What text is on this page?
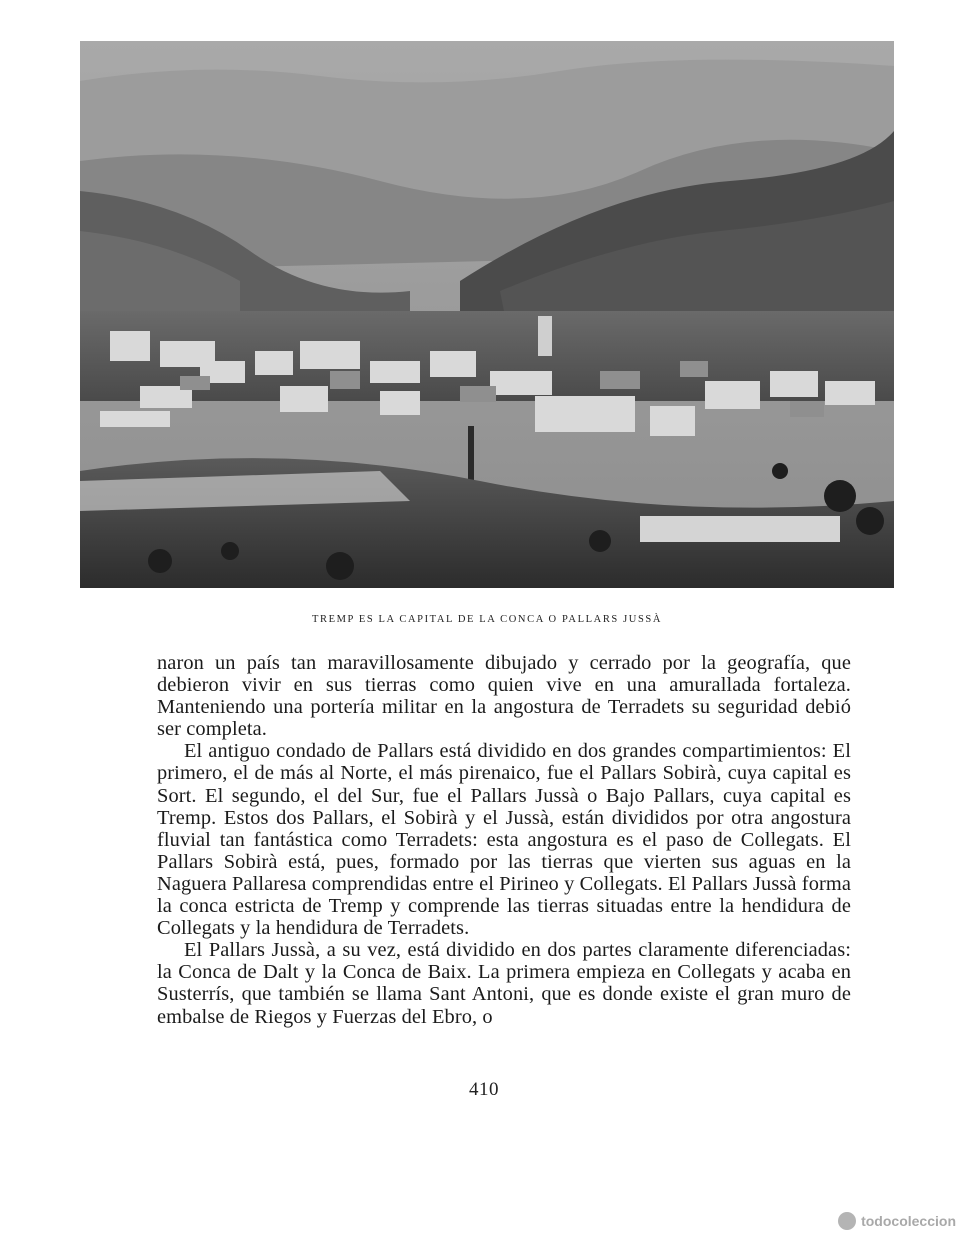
TREMP ES LA CAPITAL DE LA CONCA O PALLARS JUSSÀ

naron un país tan maravillosamente dibujado y cerrado por la geografía, que debieron vivir en sus tierras como quien vive en una amurallada fortaleza. Manteniendo una portería militar en la angostura de Terradets su seguridad debió ser completa.

El antiguo condado de Pallars está dividido en dos grandes compartimientos: El primero, el de más al Norte, el más pirenaico, fue el Pallars Sobirà, cuya capital es Sort. El segundo, el del Sur, fue el Pallars Jussà o Bajo Pallars, cuya capital es Tremp. Estos dos Pallars, el Sobirà y el Jussà, están divididos por otra angostura fluvial tan fantástica como Terradets: esta angostura es el paso de Collegats. El Pallars Sobirà está, pues, formado por las tierras que vierten sus aguas en la Naguera Pallaresa comprendidas entre el Pirineo y Collegats. El Pallars Jussà forma la conca estricta de Tremp y comprende las tierras situadas entre la hendidura de Collegats y la hendidura de Terradets.

El Pallars Jussà, a su vez, está dividido en dos partes claramente diferenciadas: la Conca de Dalt y la Conca de Baix. La primera empieza en Collegats y acaba en Susterrís, que también se llama Sant Antoni, que es donde existe el gran muro de embalse de Riegos y Fuerzas del Ebro, o

410
todocoleccion
